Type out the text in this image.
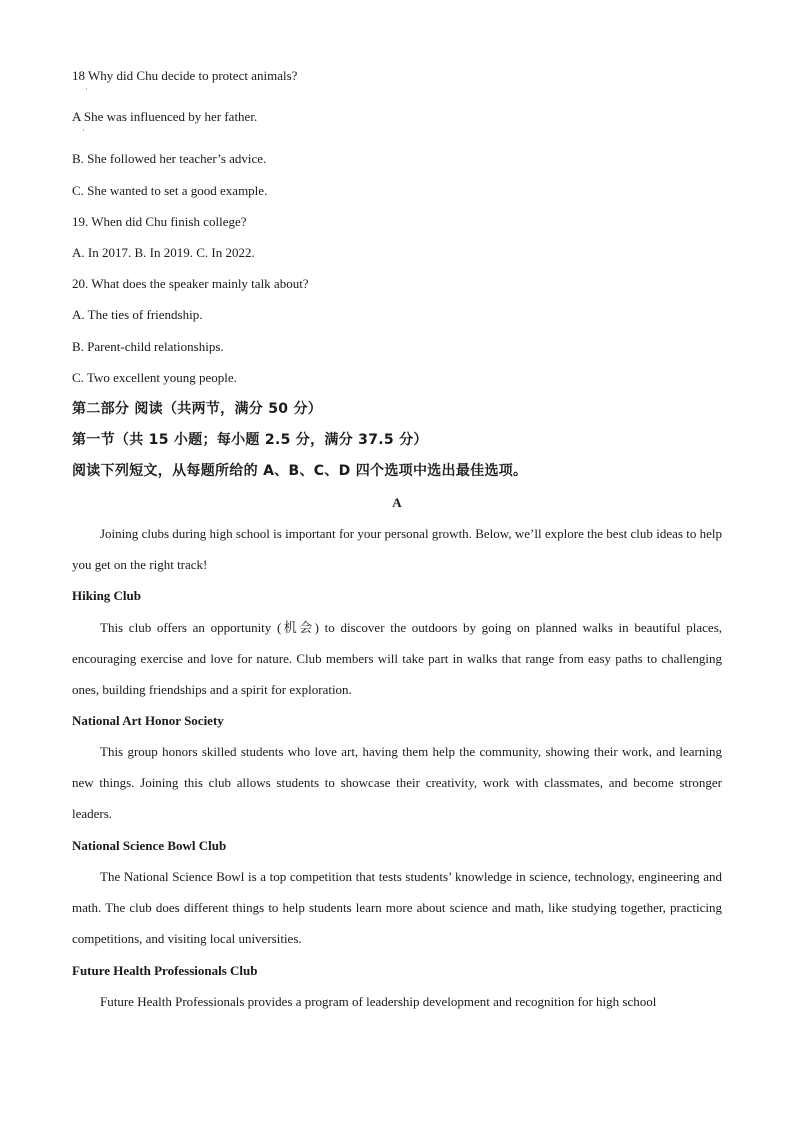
18 Why did Chu decide to protect animals?
·
A She was influenced by her father.
·
B. She followed her teacher’s advice.
C. She wanted to set a good example.
19. When did Chu finish college?
A. In 2017. B. In 2019. C. In 2022.
20. What does the speaker mainly talk about?
A. The ties of friendship.
B. Parent-child relationships.
C. Two excellent young people.
第二部分 阅读（共两节，满分 50 分）
第一节（共 15 小题；每小题 2.5 分，满分 37.5 分）
阅读下列短文，从每题所给的 A、B、C、D 四个选项中选出最佳选项。
A
Joining clubs during high school is important for your personal growth. Below, we’ll explore the best club ideas to help you get on the right track!
Hiking Club
This club offers an opportunity (机会) to discover the outdoors by going on planned walks in beautiful places, encouraging exercise and love for nature. Club members will take part in walks that range from easy paths to challenging ones, building friendships and a spirit for exploration.
National Art Honor Society
This group honors skilled students who love art, having them help the community, showing their work, and learning new things. Joining this club allows students to showcase their creativity, work with classmates, and become stronger leaders.
National Science Bowl Club
The National Science Bowl is a top competition that tests students’ knowledge in science, technology, engineering and math. The club does different things to help students learn more about science and math, like studying together, practicing competitions, and visiting local universities.
Future Health Professionals Club
Future Health Professionals provides a program of leadership development and recognition for high school
